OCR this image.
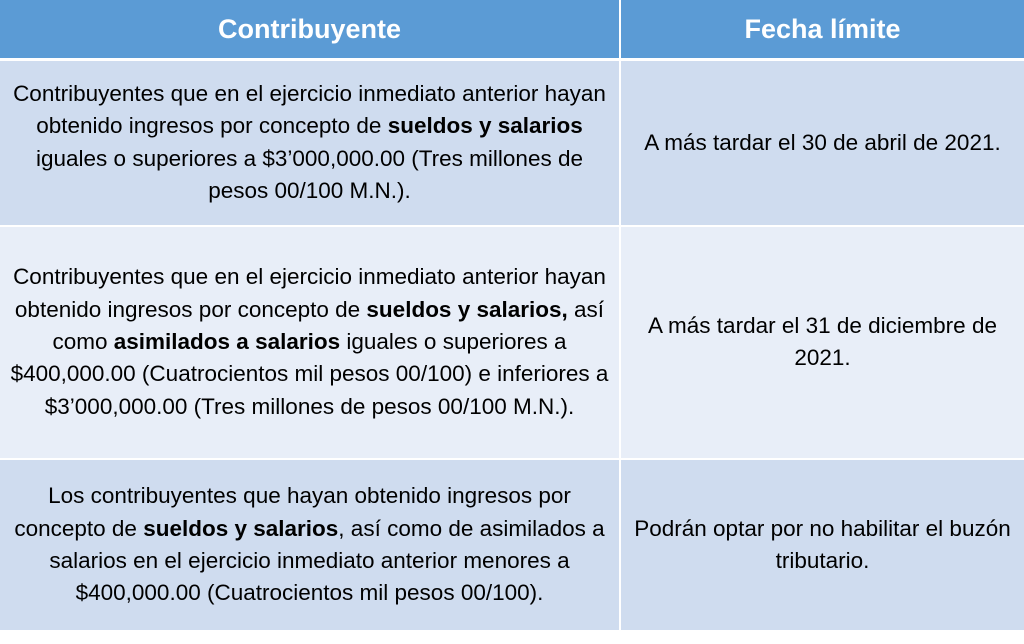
Contribuyente	Fecha límite
Contribuyentes que en el ejercicio inmediato anterior hayan obtenido ingresos por concepto de sueldos y salarios iguales o superiores a $3’000,000.00 (Tres millones de pesos 00/100 M.N.).	A más tardar el 30 de abril de 2021.
Contribuyentes que en el ejercicio inmediato anterior hayan obtenido ingresos por concepto de sueldos y salarios, así como asimilados a salarios iguales o superiores a $400,000.00 (Cuatrocientos mil pesos 00/100) e inferiores a $3’000,000.00 (Tres millones de pesos 00/100 M.N.).	A más tardar el 31 de diciembre de 2021.
Los contribuyentes que hayan obtenido ingresos por concepto de sueldos y salarios, así como de asimilados a salarios en el ejercicio inmediato anterior menores a $400,000.00 (Cuatrocientos mil pesos 00/100).	Podrán optar por no habilitar el buzón tributario.
